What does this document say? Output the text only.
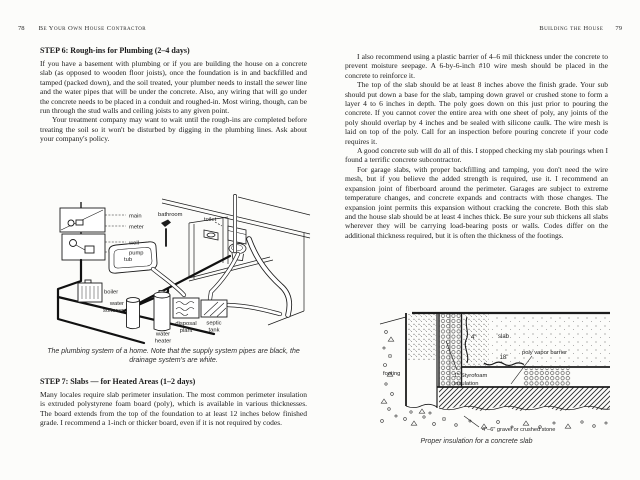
78 Be Your Own House Contractor
STEP 6: Rough-ins for Plumbing (2–4 days)

If you have a basement with plumbing or if you are building the house on a concrete slab (as opposed to wooden floor joists), once the foundation is in and backfilled and tamped (packed down), and the soil treated, your plumber needs to install the sewer line and the water pipes that will be under the concrete. Also, any wiring that will go under the concrete needs to be placed in a conduit and roughed-in. Most wiring, though, can be run through the stud walls and ceiling joists to any given point.

Your treatment company may want to wait until the rough-ins are completed before treating the soil so it won't be disturbed by digging in the plumbing lines. Ask about your company's policy.

main
meter
well
pump
bathroom
toilet
tub
boiler
water
softener
water
heater
disposal
plant
septic
tank
The plumbing system of a home. Note that the supply system pipes are black, the drainage system's are white.
STEP 7: Slabs — for Heated Areas (1–2 days)

Many locales require slab perimeter insulation. The most common perimeter insulation is extruded polystyrene foam board (poly), which is available in various thicknesses. The board extends from the top of the foundation to at least 12 inches below finished grade. I recommend a 1-inch or thicker board, even if it is not required by codes.

Building the House 79

I also recommend using a plastic barrier of 4–6 mil thickness under the concrete to prevent moisture seepage. A 6-by-6-inch #10 wire mesh should be placed in the concrete to reinforce it.

The top of the slab should be at least 8 inches above the finish grade. Your sub should put down a base for the slab, tamping down gravel or crushed stone to form a layer 4 to 6 inches in depth. The poly goes down on this just prior to pouring the concrete. If you cannot cover the entire area with one sheet of poly, any joints of the poly should overlap by 4 inches and be sealed with silicone caulk. The wire mesh is laid on top of the poly. Call for an inspection before pouring concrete if your code requires it.

A good concrete sub will do all of this. I stopped checking my slab pourings when I found a terrific concrete subcontractor.

For garage slabs, with proper backfilling and tamping, you don't need the wire mesh, but if you believe the added strength is required, use it. I recommend an expansion joint of fiberboard around the perimeter. Garages are subject to extreme temperature changes, and concrete expands and contracts with those changes. The expansion joint permits this expansion without cracking the concrete. Both this slab and the house slab should be at least 4 inches thick. Be sure your sub thickens all slabs wherever they will be carrying load-bearing posts or walls. Codes differ on the additional thickness required, but it is often the thickness of the footings.

slab
4"
18"
poly vapor barrier
footing	1" Styrofoam
insulation
4"–6" gravel or crushed stone
Proper insulation for a concrete slab
